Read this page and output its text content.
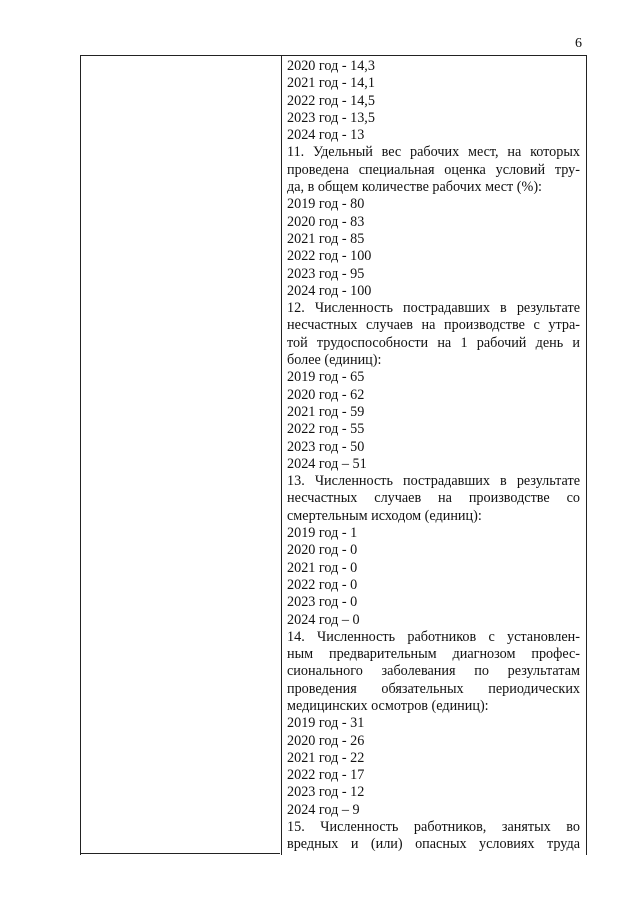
6
2020 год - 14,3
2021 год - 14,1
2022 год - 14,5
2023 год - 13,5
2024 год - 13
11. Удельный вес рабочих мест, на которых
проведена специальная оценка условий тру-
да, в общем количестве рабочих мест (%):
2019 год - 80
2020 год - 83
2021 год - 85
2022 год - 100
2023 год - 95
2024 год - 100
12. Численность пострадавших в результате
несчастных случаев на производстве с утра-
той трудоспособности на 1 рабочий день и
более (единиц):
2019 год - 65
2020 год - 62
2021 год - 59
2022 год - 55
2023 год - 50
2024 год – 51
13. Численность пострадавших в результате
несчастных случаев на производстве со
смертельным исходом (единиц):
2019 год - 1
2020 год - 0
2021 год - 0
2022 год - 0
2023 год - 0
2024 год – 0
14. Численность работников с установлен-
ным предварительным диагнозом профес-
сионального заболевания по результатам
проведения обязательных периодических
медицинских осмотров (единиц):
2019 год - 31
2020 год - 26
2021 год - 22
2022 год - 17
2023 год - 12
2024 год – 9
15. Численность работников, занятых во
вредных и (или) опасных условиях труда
